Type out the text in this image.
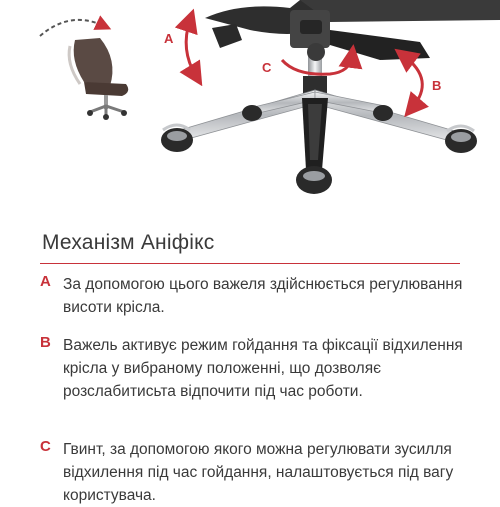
A
C
B
Механізм Аніфікс
A За допомогою цього важеля здійснюється регулювання висоти крісла.
B Важель активує режим гойдання та фіксації відхилення крісла у вибраному положенні, що дозволяє розслабитисьта відпочити під час роботи.
C Гвинт, за допомогою якого можна регулювати зусилля відхилення під час гойдання, налаштовується під вагу користувача.
